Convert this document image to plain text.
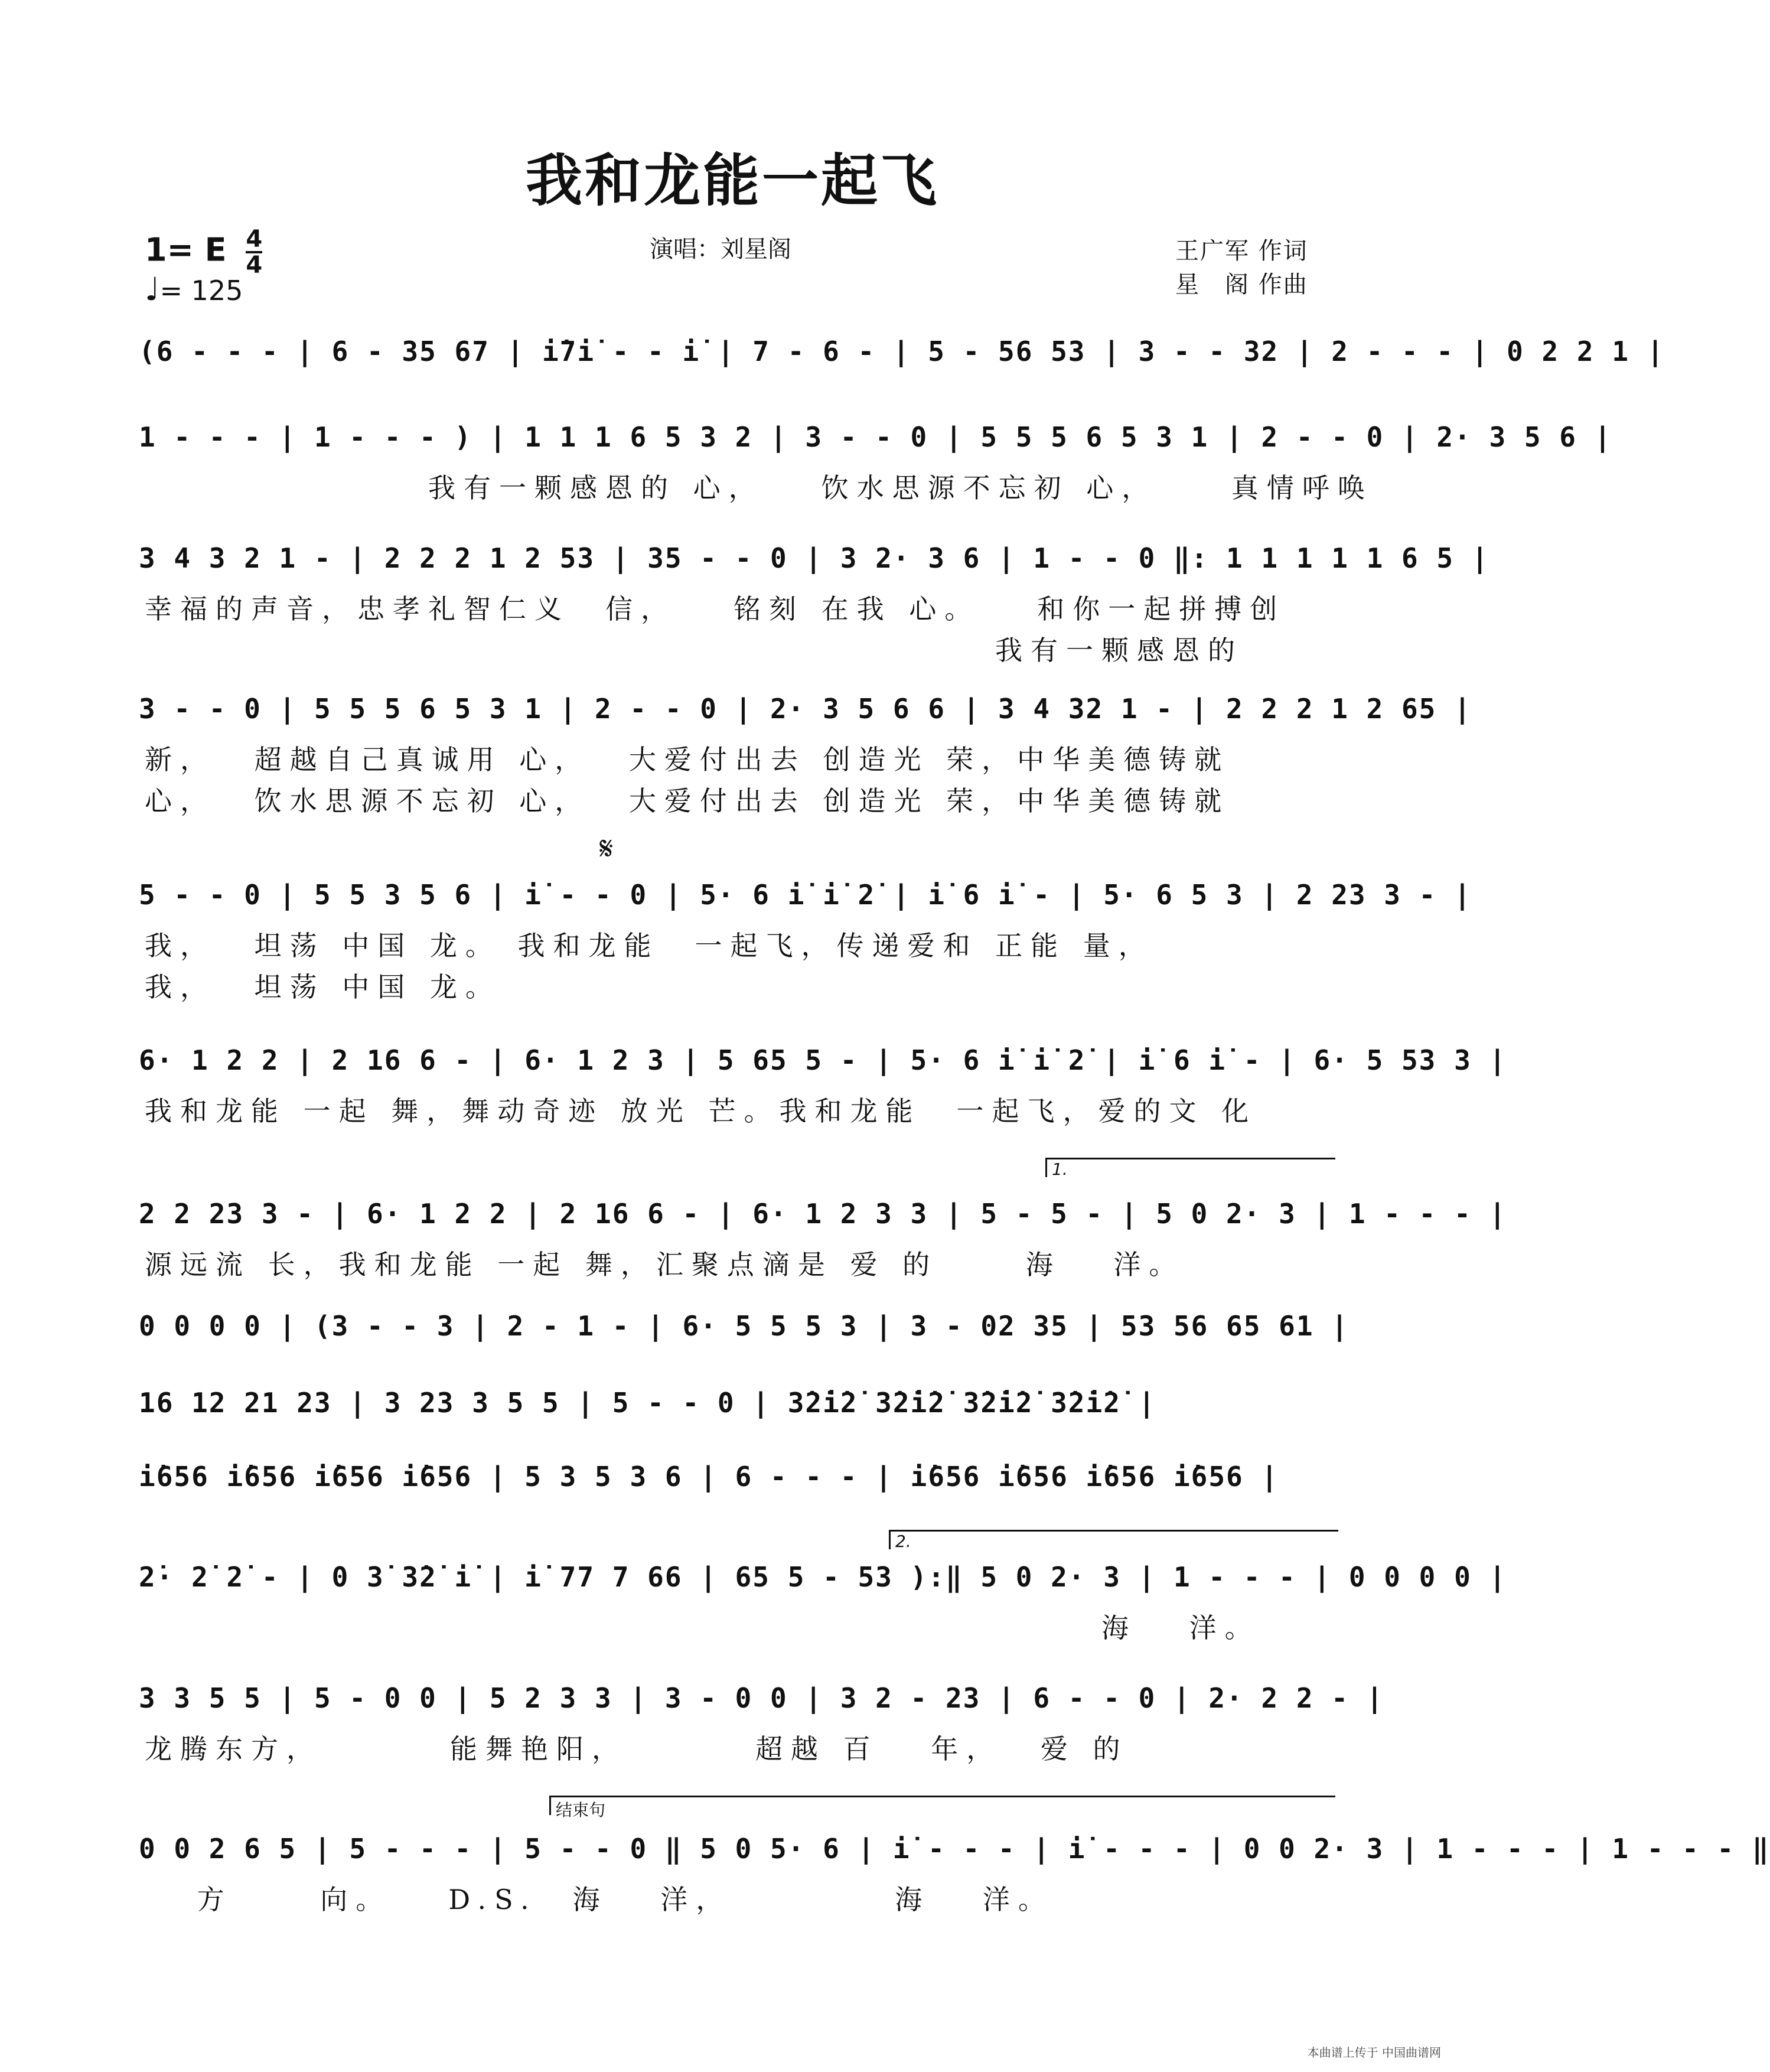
我和龙能一起飞
1= E $\frac{4}{4}$
♩= 125
演唱：刘星阁	王广军 作词
星　阁 作曲
(6 - - - | 6 - 35 67 | i̇7i̇ - - i̇ | 7 - 6 - | 5 - 56 53 | 3 - - 32 | 2 - - - | 0 2 2 1 |
1 - - - | 1 - - - ) | 1 1 1 6 5 3 2 | 3 - - 0 | 5 5 5 6 5 3 1 | 2 - - 0 | 2· 3 5 6 |
　　　　　　　　我有一颗感恩的 心，　　饮水思源不忘初 心，　　 真情呼唤
3 4 3 2 1 - | 2 2 2 1 2 53 | 35 - - 0 | 3 2· 3 6 | 1 - - 0 ‖: 1 1 1 1 1 6 5 |
幸福的声音，忠孝礼智仁义　信，　　铭刻 在我 心。　　和你一起拼搏创
　　　　　　　　　　　　　　　　　　　　　　　　我有一颗感恩的
3 - - 0 | 5 5 5 6 5 3 1 | 2 - - 0 | 2· 3 5 6 6 | 3 4 32 1 - | 2 2 2 1 2 65 |
新，　 超越自己真诚用 心，　 大爱付出去 创造光 荣，中华美德铸就
心，　 饮水思源不忘初 心，　 大爱付出去 创造光 荣，中华美德铸就
5 - - 0 | 5 5 3 5 6 | i̇ - - 0 | 5· 6 i̇ i̇ 2̇ | i̇ 6 i̇ - | 5· 6 5 3 | 2 23 3 - |
我，　 坦荡 中国 龙。 我和龙能　一起飞，传递爱和 正能 量，
我，　 坦荡 中国 龙。
6· 1 2 2 | 2 16 6 - | 6· 1 2 3 | 5 65 5 - | 5· 6 i̇ i̇ 2̇ | i̇ 6 i̇ - | 6· 5 53 3 |
我和龙能 一起 舞，舞动奇迹 放光 芒。我和龙能　一起飞，爱的文 化
2 2 23 3 - | 6· 1 2 2 | 2 16 6 - | 6· 1 2 3 3 | 5 - 5 - | 5 0 2· 3 | 1 - - - |
源远流 长，我和龙能 一起 舞，汇聚点滴是 爱 的　　 海　 洋。
0 0 0 0 | (3 - - 3 | 2 - 1 - | 6· 5 5 5 3 | 3 - 02 35 | 53 56 65 61 |
16 12 21 23 | 3 23 3 5 5 | 5 - - 0 | 3̇2̇i̇2̇ 3̇2̇i̇2̇ 3̇2̇i̇2̇ 3̇2̇i̇2̇ |
i̇656 i̇656 i̇656 i̇656 | 5 3 5 3 6 | 6 - - - | i̇656 i̇656 i̇656 i̇656 |
2̇· 2̇ 2̇ - | 0 3̇ 3̇2̇ i̇ | i̇ 77 7 66 | 65 5 - 53 ):‖ 5 0 2· 3 | 1 - - - | 0 0 0 0 |
　　　　　　　　　　　　　　　　　　　　　　　　　　　海　 洋。
3 3 5 5 | 5 - 0 0 | 5 2 3 3 | 3 - 0 0 | 3 2 - 23 | 6 - - 0 | 2· 2 2 - |
龙腾东方，　　　　能舞艳阳，　　　　超越 百　 年，　 爱 的
0 0 2 6 5 | 5 - - - | 5 - - 0 ‖ 5 0 5· 6 | i̇ - - - | i̇ - - - | 0 0 2· 3 | 1 - - - | 1 - - - ‖
　 方　　 向。　　D.S.　海　 洋，　　　　　海　 洋。
𝄋
1.
2.
结束句
本曲谱上传于 中国曲谱网
